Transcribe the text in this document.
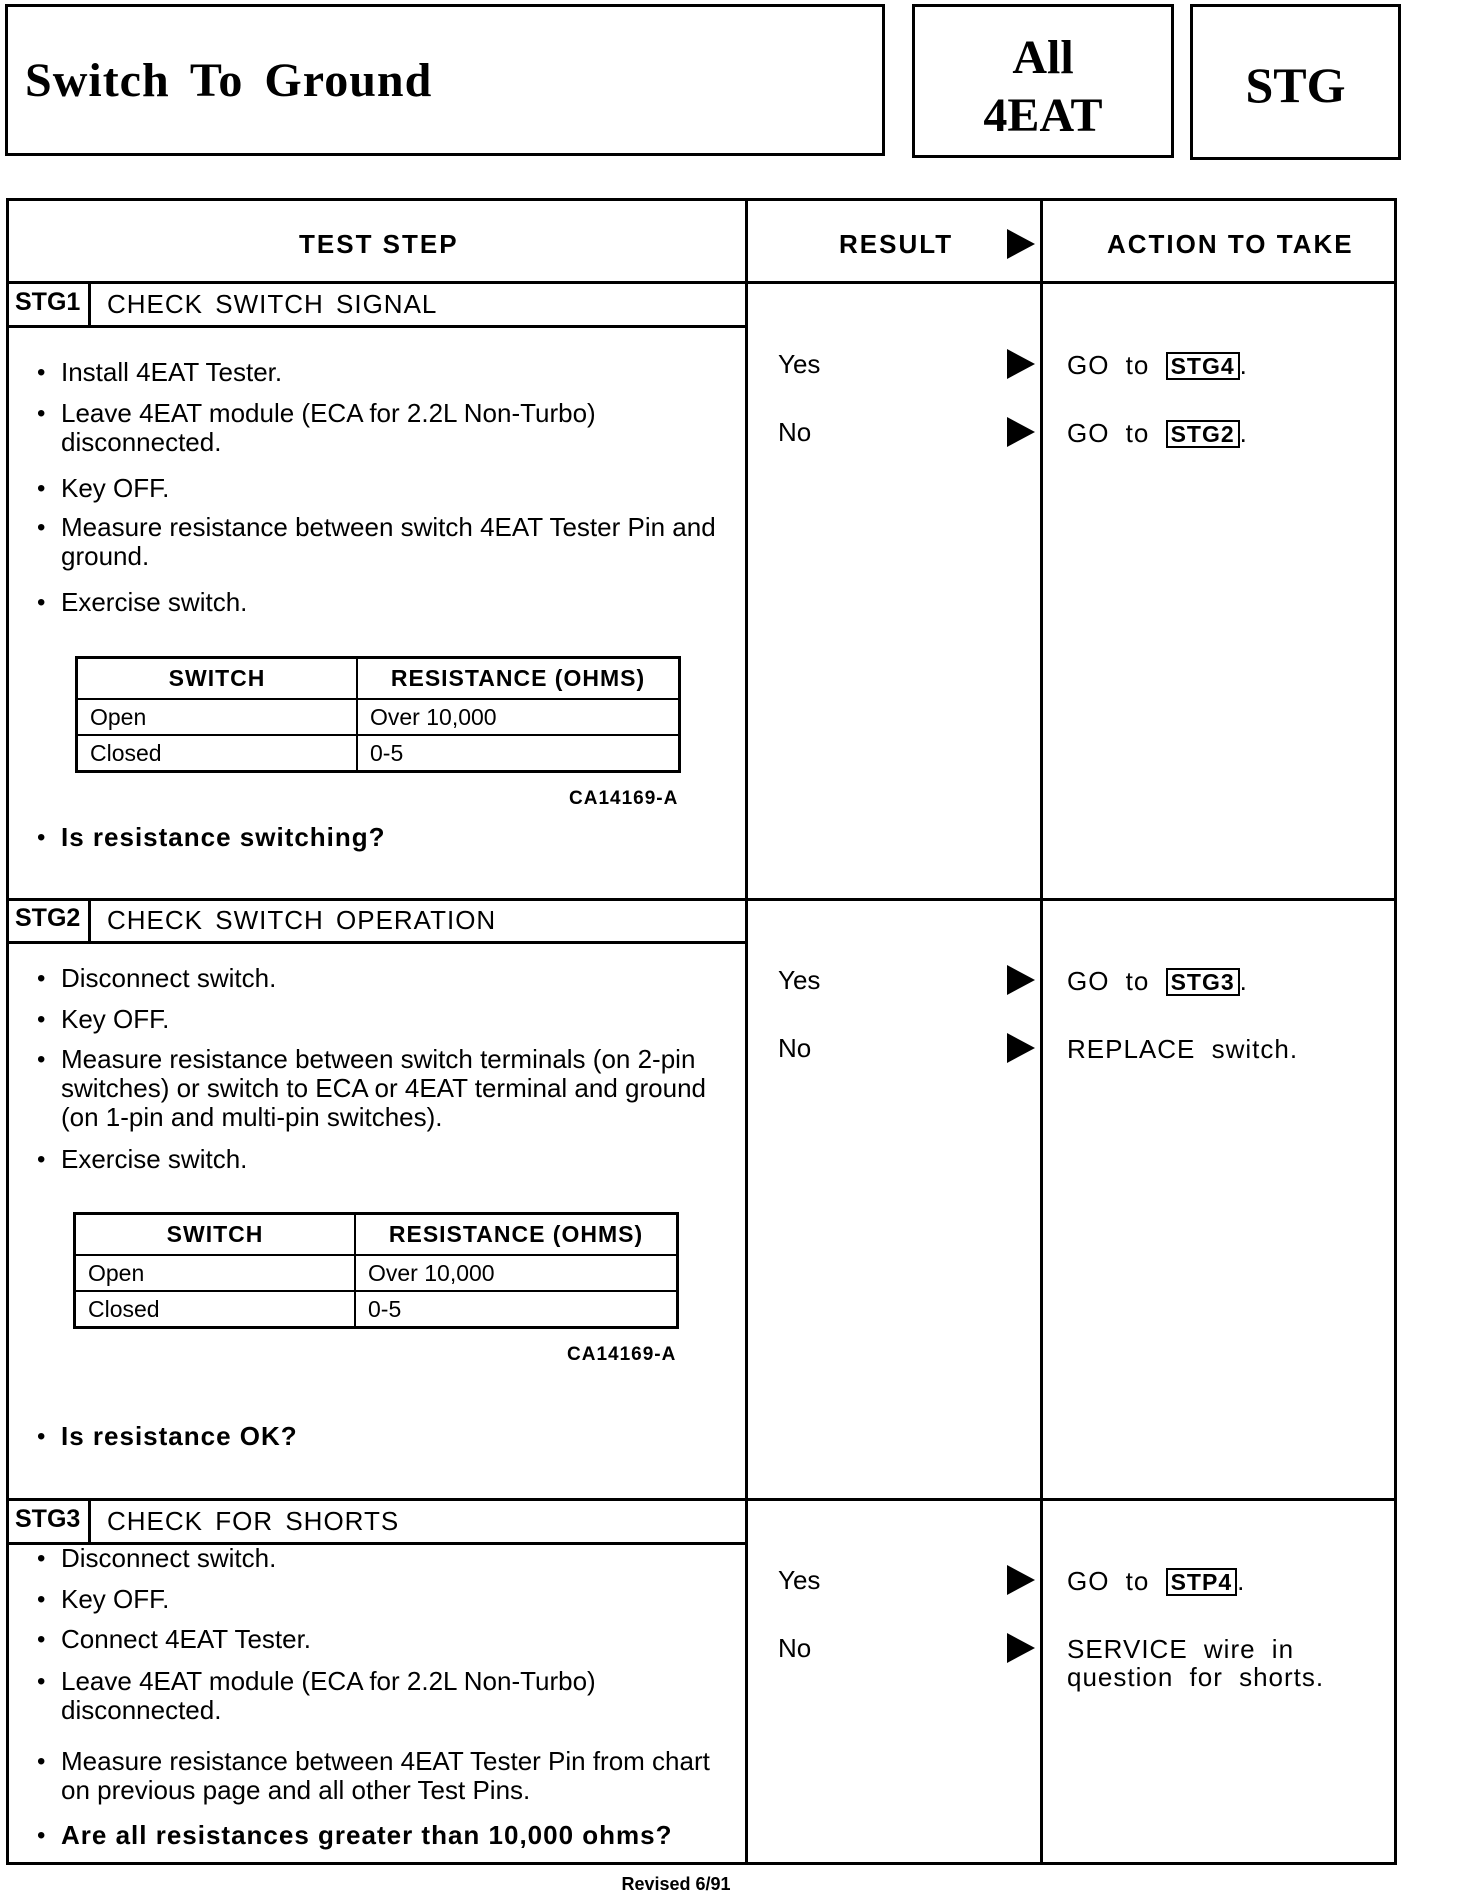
Switch To Ground	All
4EAT
STG
TEST STEP	RESULT	ACTION TO TAKE
STG1 CHECK SWITCH SIGNAL
• Install 4EAT Tester.
• Leave 4EAT module (ECA for 2.2L Non-Turbo) disconnected.
• Key OFF.
• Measure resistance between switch 4EAT Tester Pin and ground.
• Exercise switch.
SWITCH	RESISTANCE (OHMS)
Open	Over 10,000
Closed	0-5
CA14169-A
• Is resistance switching?
Yes	GO to STG4 .
No	GO to STG2 .
STG2 CHECK SWITCH OPERATION
• Disconnect switch.
• Key OFF.
• Measure resistance between switch terminals (on 2-pin switches) or switch to ECA or 4EAT terminal and ground (on 1-pin and multi-pin switches).
• Exercise switch.
SWITCH	RESISTANCE (OHMS)
Open	Over 10,000
Closed	0-5
CA14169-A
• Is resistance OK?
Yes	GO to STG3 .
No	REPLACE switch.
STG3 CHECK FOR SHORTS
• Disconnect switch.
• Key OFF.
• Connect 4EAT Tester.
• Leave 4EAT module (ECA for 2.2L Non-Turbo) disconnected.
• Measure resistance between 4EAT Tester Pin from chart on previous page and all other Test Pins.
• Are all resistances greater than 10,000 ohms?
Yes	GO to STP4 .
No	SERVICE wire in question for shorts.
Revised 6/91
